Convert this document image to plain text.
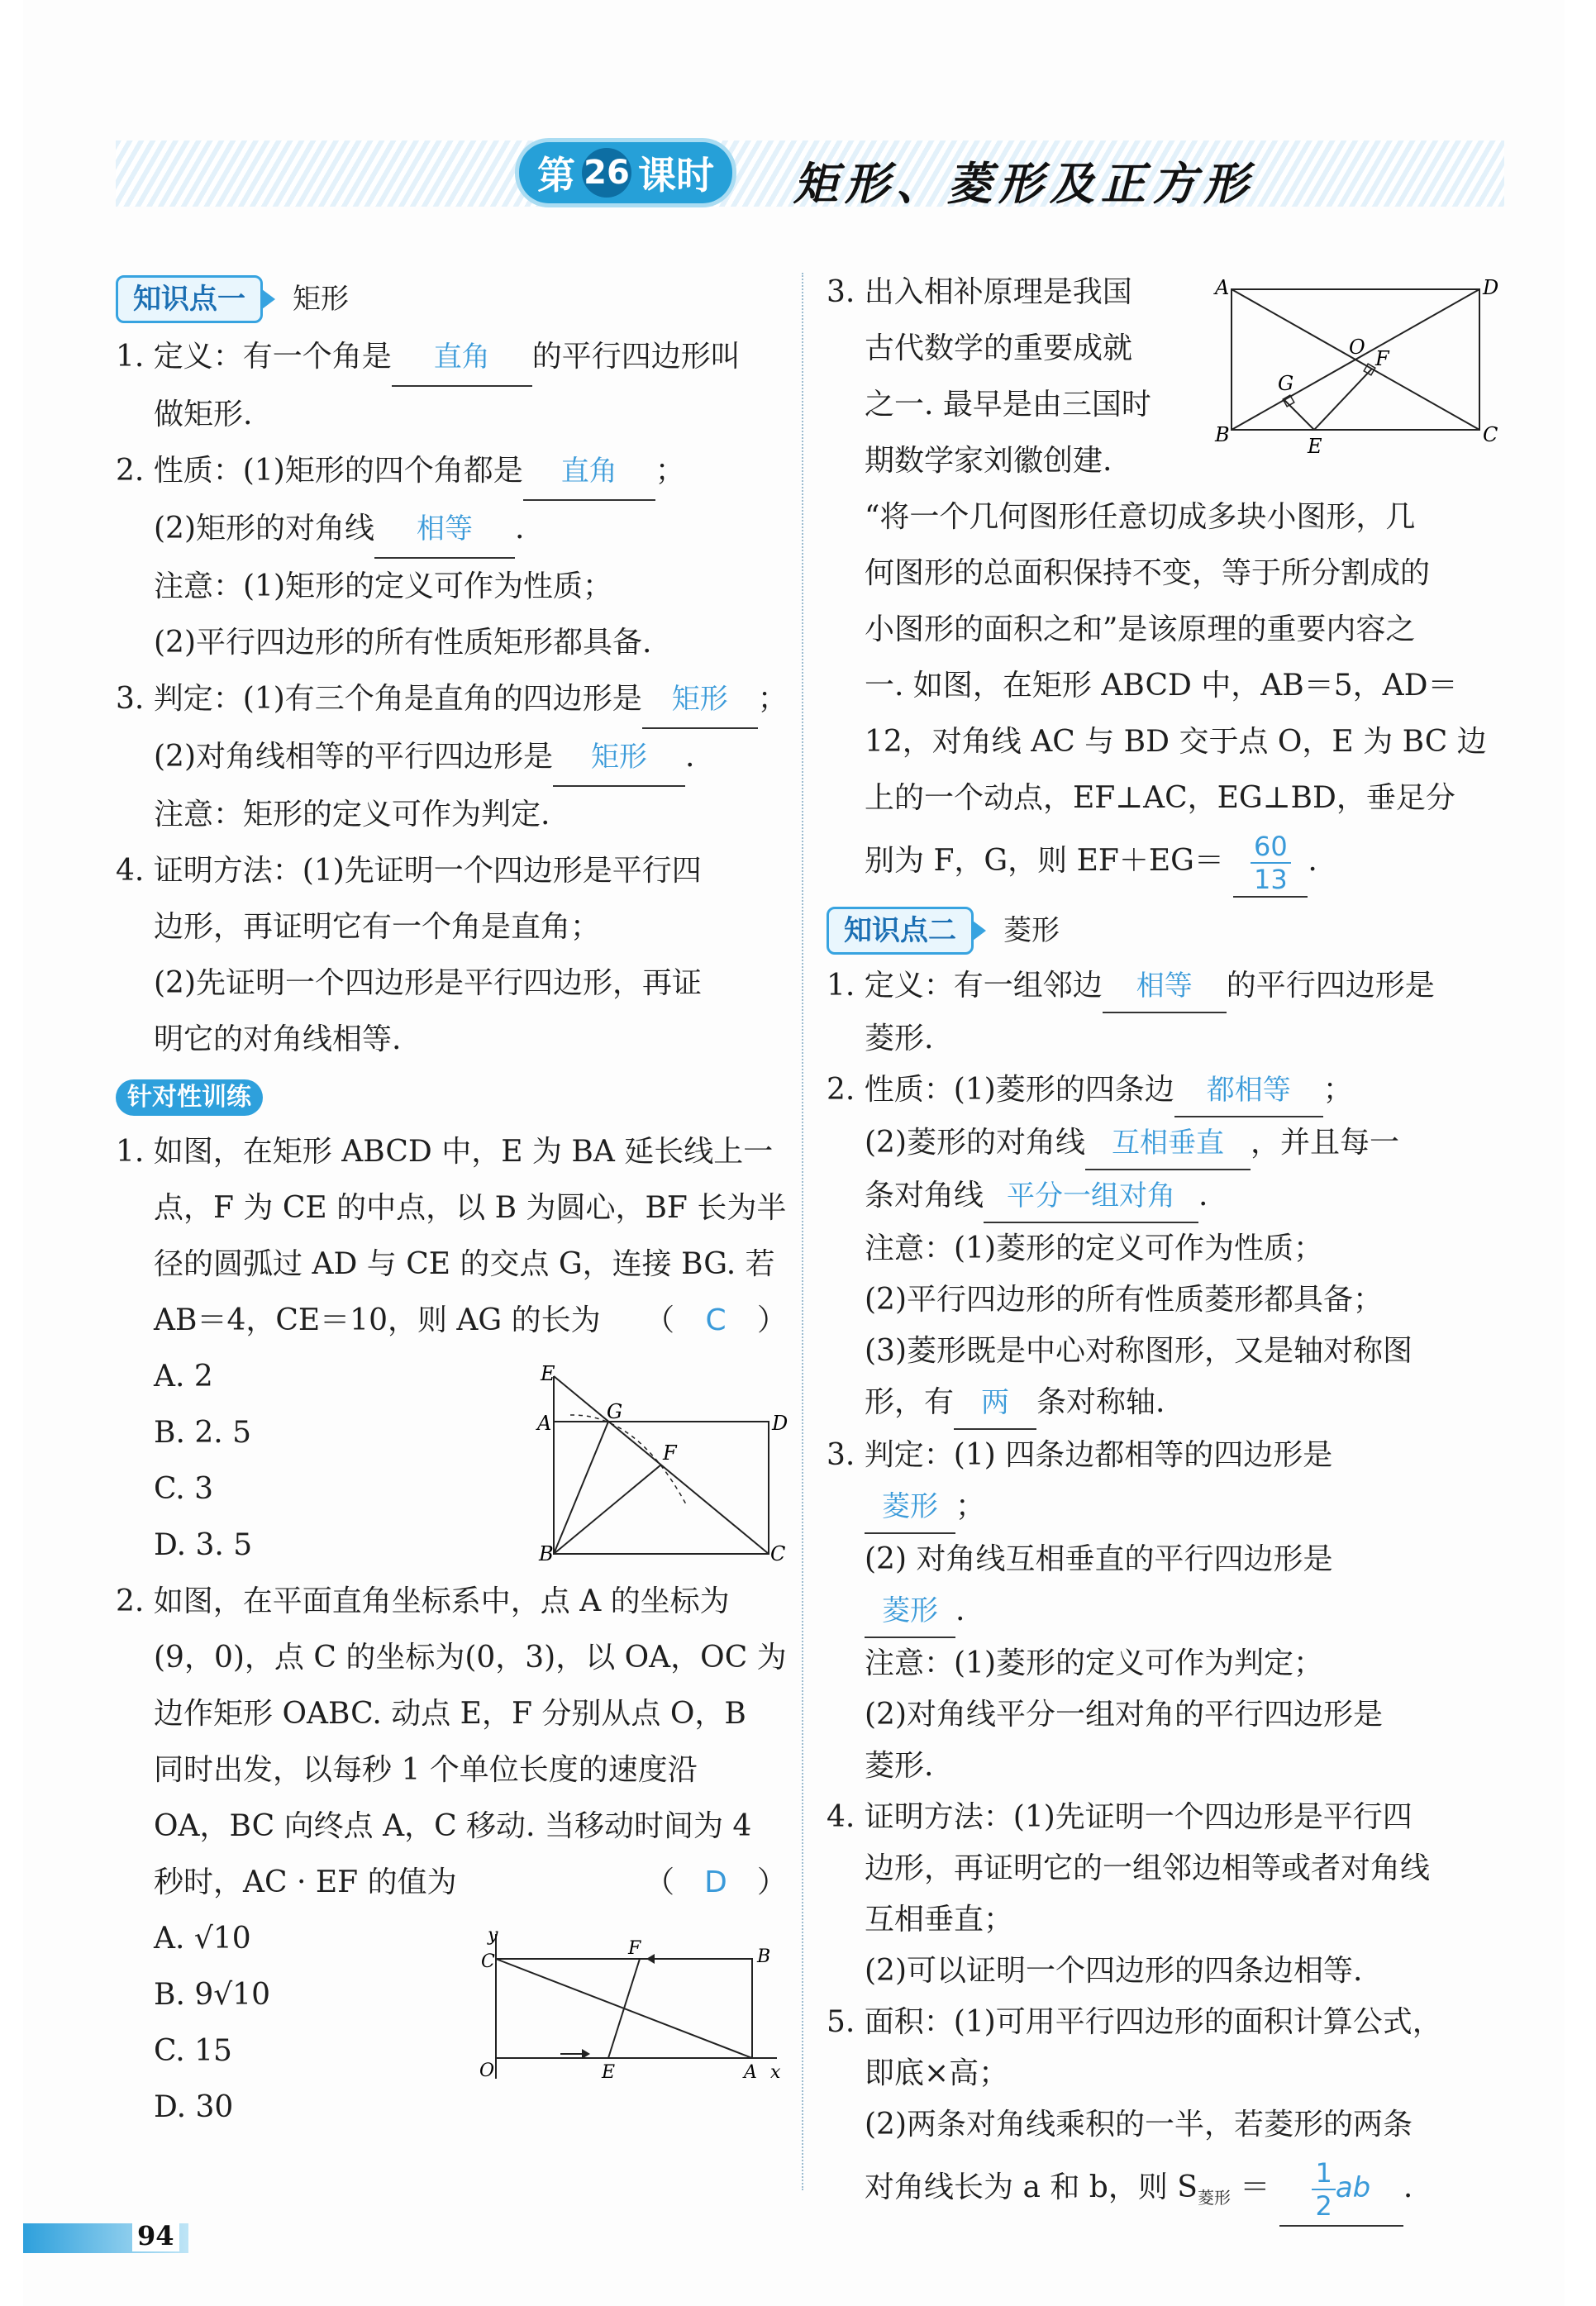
第 26 课时 矩形、菱形及正方形
知识点一	矩形
1. 定义：有一个角是 直角 的平行四边形叫
做矩形.
2. 性质：(1)矩形的四个角都是 直角 ；
(2)矩形的对角线 相等 .
注意：(1)矩形的定义可作为性质；
(2)平行四边形的所有性质矩形都具备.
3. 判定：(1)有三个角是直角的四边形是 矩形 ；
(2)对角线相等的平行四边形是 矩形 .
注意：矩形的定义可作为判定.
4. 证明方法：(1)先证明一个四边形是平行四
边形，再证明它有一个角是直角；
(2)先证明一个四边形是平行四边形，再证
明它的对角线相等.
针对性训练
1. 如图，在矩形 ABCD 中，E 为 BA 延长线上一
点，F 为 CE 的中点，以 B 为圆心，BF 长为半
径的圆弧过 AD 与 CE 的交点 G，连接 BG. 若
AB＝4，CE＝10，则 AG 的长为 （ C ）
A. 2
B. 2. 5
C. 3
D. 3. 5
2. 如图，在平面直角坐标系中，点 A 的坐标为
(9，0)，点 C 的坐标为(0，3)，以 OA，OC 为
边作矩形 OABC. 动点 E，F 分别从点 O，B
同时出发，以每秒 1 个单位长度的速度沿
OA，BC 向终点 A，C 移动. 当移动时间为 4
秒时，AC · EF 的值为	（ D ）
A. √10
B. 9√10
C. 15
D. 30
E
A	G	D
F
B	C
y
C
F	B
O	E	A x
3. 出入相补原理是我国
古代数学的重要成就
之一. 最早是由三国时
期数学家刘徽创建.
“将一个几何图形任意切成多块小图形，几
何图形的总面积保持不变，等于所分割成的
小图形的面积之和”是该原理的重要内容之
一. 如图，在矩形 ABCD 中，AB＝5，AD＝
12，对角线 AC 与 BD 交于点 O，E 为 BC 边
上的一个动点，EF⊥AC，EG⊥BD，垂足分
别为 F，G，则 $EF+EG= \frac{60}{13}$ .
知识点二	菱形
1. 定义：有一组邻边 相等 的平行四边形是
菱形.
2. 性质：(1)菱形的四条边 都相等 ；
(2)菱形的对角线 互相垂直 ，并且每一
条对角线 平分一组对角 .
注意：(1)菱形的定义可作为性质；
(2)平行四边形的所有性质菱形都具备；
(3)菱形既是中心对称图形，又是轴对称图
形，有 两 条对称轴.
3. 判定：(1) 四条边都相等的四边形是
菱形 ；
(2) 对角线互相垂直的平行四边形是
菱形 .
注意：(1)菱形的定义可作为判定；
(2)对角线平分一组对角的平行四边形是
菱形.
4. 证明方法：(1)先证明一个四边形是平行四
边形，再证明它的一组邻边相等或者对角线
互相垂直；
(2)可以证明一个四边形的四条边相等.
5. 面积：(1)可用平行四边形的面积计算公式，
即底×高；
(2)两条对角线乘积的一半，若菱形的两条
对角线长为 a 和 b，则 $S_{菱形} = \frac{1}{2}$ ab .
A	D
O
G
F
B	E	C
94
